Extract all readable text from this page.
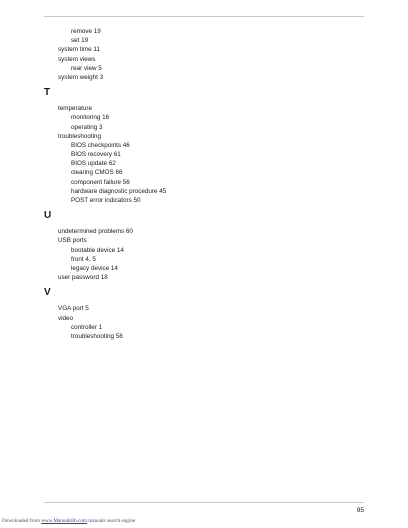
remove 19
set 19
system time 11
system views
rear view 5
system weight 3
T
temperature
monitoring 16
operating 3
troubleshooting
BIOS checkpoints 46
BIOS recovery 61
BIOS update 62
clearing CMOS 66
component failure 56
hardware diagnostic procedure 45
POST error indicators 50
U
undetermined problems 60
USB ports
bootable device 14
front 4, 5
legacy device 14
user password 18
V
VGA port 5
video
controller 1
troubleshooting 58
95
Downloaded from www.Manualslib.com manuals search engine
